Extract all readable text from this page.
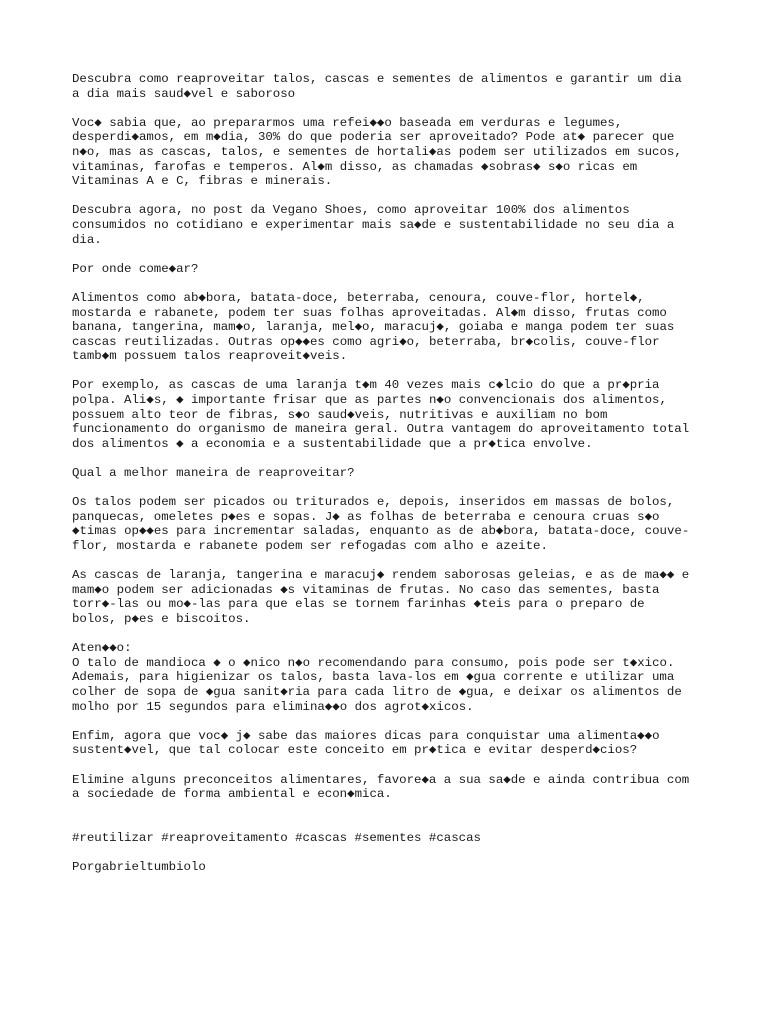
Descubra como reaproveitar talos, cascas e sementes de alimentos e garantir um dia
a dia mais saud◆vel e saboroso

Voc◆ sabia que, ao prepararmos uma refei◆◆o baseada em verduras e legumes,
desperdi◆amos, em m◆dia, 30% do que poderia ser aproveitado? Pode at◆ parecer que
n◆o, mas as cascas, talos, e sementes de hortali◆as podem ser utilizados em sucos,
vitaminas, farofas e temperos. Al◆m disso, as chamadas ◆sobras◆ s◆o ricas em
Vitaminas A e C, fibras e minerais.

Descubra agora, no post da Vegano Shoes, como aproveitar 100% dos alimentos
consumidos no cotidiano e experimentar mais sa◆de e sustentabilidade no seu dia a
dia.

Por onde come◆ar?

Alimentos como ab◆bora, batata-doce, beterraba, cenoura, couve-flor, hortel◆,
mostarda e rabanete, podem ter suas folhas aproveitadas. Al◆m disso, frutas como
banana, tangerina, mam◆o, laranja, mel◆o, maracuj◆, goiaba e manga podem ter suas
cascas reutilizadas. Outras op◆◆es como agri◆o, beterraba, br◆colis, couve-flor
tamb◆m possuem talos reaproveit◆veis.

Por exemplo, as cascas de uma laranja t◆m 40 vezes mais c◆lcio do que a pr◆pria
polpa. Ali◆s, ◆ importante frisar que as partes n◆o convencionais dos alimentos,
possuem alto teor de fibras, s◆o saud◆veis, nutritivas e auxiliam no bom
funcionamento do organismo de maneira geral. Outra vantagem do aproveitamento total
dos alimentos ◆ a economia e a sustentabilidade que a pr◆tica envolve.

Qual a melhor maneira de reaproveitar?

Os talos podem ser picados ou triturados e, depois, inseridos em massas de bolos,
panquecas, omeletes p◆es e sopas. J◆ as folhas de beterraba e cenoura cruas s◆o
◆timas op◆◆es para incrementar saladas, enquanto as de ab◆bora, batata-doce, couve-
flor, mostarda e rabanete podem ser refogadas com alho e azeite.

As cascas de laranja, tangerina e maracuj◆ rendem saborosas geleias, e as de ma◆◆ e
mam◆o podem ser adicionadas ◆s vitaminas de frutas. No caso das sementes, basta
torr◆-las ou mo◆-las para que elas se tornem farinhas ◆teis para o preparo de
bolos, p◆es e biscoitos.

Aten◆◆o:
O talo de mandioca ◆ o ◆nico n◆o recomendando para consumo, pois pode ser t◆xico.
Ademais, para higienizar os talos, basta lava-los em ◆gua corrente e utilizar uma
colher de sopa de ◆gua sanit◆ria para cada litro de ◆gua, e deixar os alimentos de
molho por 15 segundos para elimina◆◆o dos agrot◆xicos.

Enfim, agora que voc◆ j◆ sabe das maiores dicas para conquistar uma alimenta◆◆o
sustent◆vel, que tal colocar este conceito em pr◆tica e evitar desperd◆cios?

Elimine alguns preconceitos alimentares, favore◆a a sua sa◆de e ainda contribua com
a sociedade de forma ambiental e econ◆mica.

#reutilizar #reaproveitamento #cascas #sementes #cascas

Porgabrieltumbiolo
